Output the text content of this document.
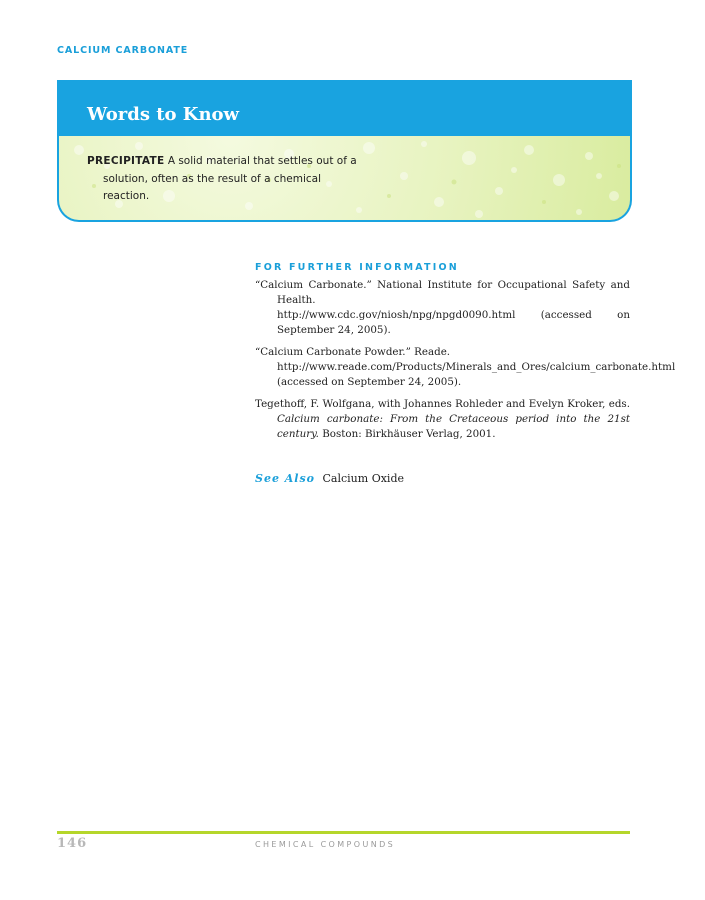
CALCIUM CARBONATE
Words to Know
PRECIPITATE A solid material that settles out of a solution, often as the result of a chemical reaction.
FOR FURTHER INFORMATION
“Calcium Carbonate.” National Institute for Occupational Safety and Health.
http://www.cdc.gov/niosh/npg/npgd0090.html (accessed on September 24, 2005).
“Calcium Carbonate Powder.” Reade.
http://www.reade.com/Products/Minerals_and_Ores/calcium_carbonate.html (accessed on September 24, 2005).
Tegethoff, F. Wolfgana, with Johannes Rohleder and Evelyn Kroker, eds. Calcium carbonate: From the Cretaceous period into the 21st century. Boston: Birkhäuser Verlag, 2001.
See Also Calcium Oxide
146	CHEMICAL COMPOUNDS
